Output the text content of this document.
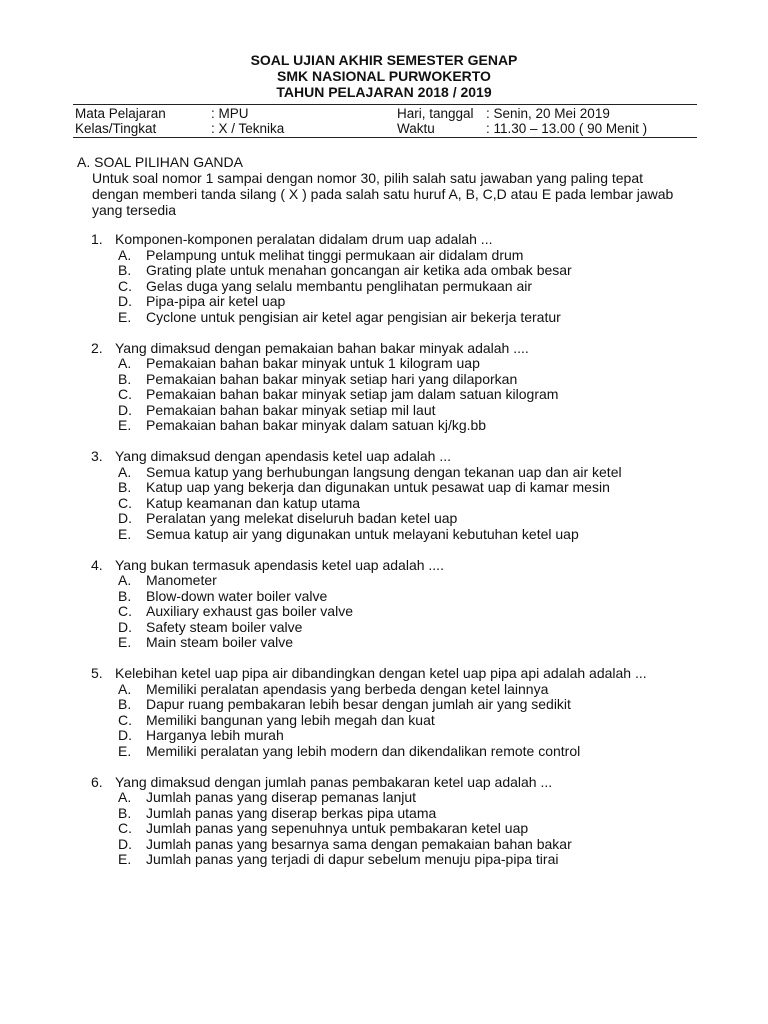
SOAL UJIAN AKHIR SEMESTER GENAP
SMK NASIONAL PURWOKERTO
TAHUN PELAJARAN 2018 / 2019
Mata Pelajaran	: MPU	Hari, tanggal : Senin, 20 Mei 2019
Kelas/Tingkat	: X / Teknika	Waktu	: 11.30 – 13.00 ( 90 Menit )
A. SOAL PILIHAN GANDA
Untuk soal nomor 1 sampai dengan nomor 30, pilih salah satu jawaban yang paling tepat dengan memberi tanda silang ( X ) pada salah satu huruf A, B, C,D atau E pada lembar jawab yang tersedia
1. Komponen-komponen peralatan didalam drum uap adalah ...
A. Pelampung untuk melihat tinggi permukaan air didalam drum
B. Grating plate untuk menahan goncangan air ketika ada ombak besar
C. Gelas duga yang selalu membantu penglihatan permukaan air
D. Pipa-pipa air ketel uap
E. Cyclone untuk pengisian air ketel agar pengisian air bekerja teratur
2. Yang dimaksud dengan pemakaian bahan bakar minyak adalah ....
A. Pemakaian bahan bakar minyak untuk 1 kilogram uap
B. Pemakaian bahan bakar minyak setiap hari yang dilaporkan
C. Pemakaian bahan bakar minyak setiap jam dalam satuan kilogram
D. Pemakaian bahan bakar minyak setiap mil laut
E. Pemakaian bahan bakar minyak dalam satuan kj/kg.bb
3. Yang dimaksud dengan apendasis ketel uap adalah ...
A. Semua katup yang berhubungan langsung dengan tekanan uap dan air ketel
B. Katup uap yang bekerja dan digunakan untuk pesawat uap di kamar mesin
C. Katup keamanan dan katup utama
D. Peralatan yang melekat diseluruh badan ketel uap
E. Semua katup air yang digunakan untuk melayani kebutuhan ketel uap
4. Yang bukan termasuk apendasis ketel uap adalah ....
A. Manometer
B. Blow-down water boiler valve
C. Auxiliary exhaust gas boiler valve
D. Safety steam boiler valve
E. Main steam boiler valve
5. Kelebihan ketel uap pipa air dibandingkan dengan ketel uap pipa api adalah adalah ...
A. Memiliki peralatan apendasis yang berbeda dengan ketel lainnya
B. Dapur ruang pembakaran lebih besar dengan jumlah air yang sedikit
C. Memiliki bangunan yang lebih megah dan kuat
D. Harganya lebih murah
E. Memiliki peralatan yang lebih modern dan dikendalikan remote control
6. Yang dimaksud dengan jumlah panas pembakaran ketel uap adalah ...
A. Jumlah panas yang diserap pemanas lanjut
B. Jumlah panas yang diserap berkas pipa utama
C. Jumlah panas yang sepenuhnya untuk pembakaran ketel uap
D. Jumlah panas yang besarnya sama dengan pemakaian bahan bakar
E. Jumlah panas yang terjadi di dapur sebelum menuju pipa-pipa tirai
